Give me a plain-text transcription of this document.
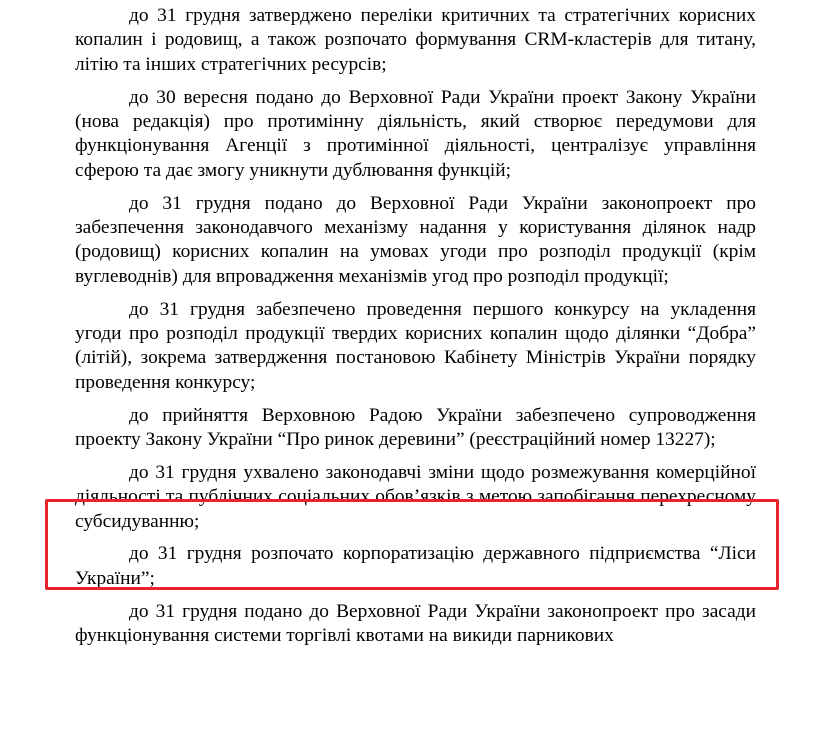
до 31 грудня затверджено переліки критичних та стратегічних корисних копалин і родовищ, а також розпочато формування CRM-кластерів для титану, літію та інших стратегічних ресурсів;

до 30 вересня подано до Верховної Ради України проект Закону України (нова редакція) про протимінну діяльність, який створює передумови для функціонування Агенції з протимінної діяльності, централізує управління сферою та дає змогу уникнути дублювання функцій;

до 31 грудня подано до Верховної Ради України законопроект про забезпечення законодавчого механізму надання у користування ділянок надр (родовищ) корисних копалин на умовах угоди про розподіл продукції (крім вуглеводнів) для впровадження механізмів угод про розподіл продукції;

до 31 грудня забезпечено проведення першого конкурсу на укладення угоди про розподіл продукції твердих корисних копалин щодо ділянки “Добра” (літій), зокрема затвердження постановою Кабінету Міністрів України порядку проведення конкурсу;

до прийняття Верховною Радою України забезпечено супроводження проекту Закону України “Про ринок деревини” (реєстраційний номер 13227);

до 31 грудня ухвалено законодавчі зміни щодо розмежування комерційної діяльності та публічних соціальних обов’язків з метою запобігання перехресному субсидуванню;

до 31 грудня розпочато корпоратизацію державного підприємства “Ліси України”;

до 31 грудня подано до Верховної Ради України законопроект про засади функціонування системи торгівлі квотами на викиди парникових
